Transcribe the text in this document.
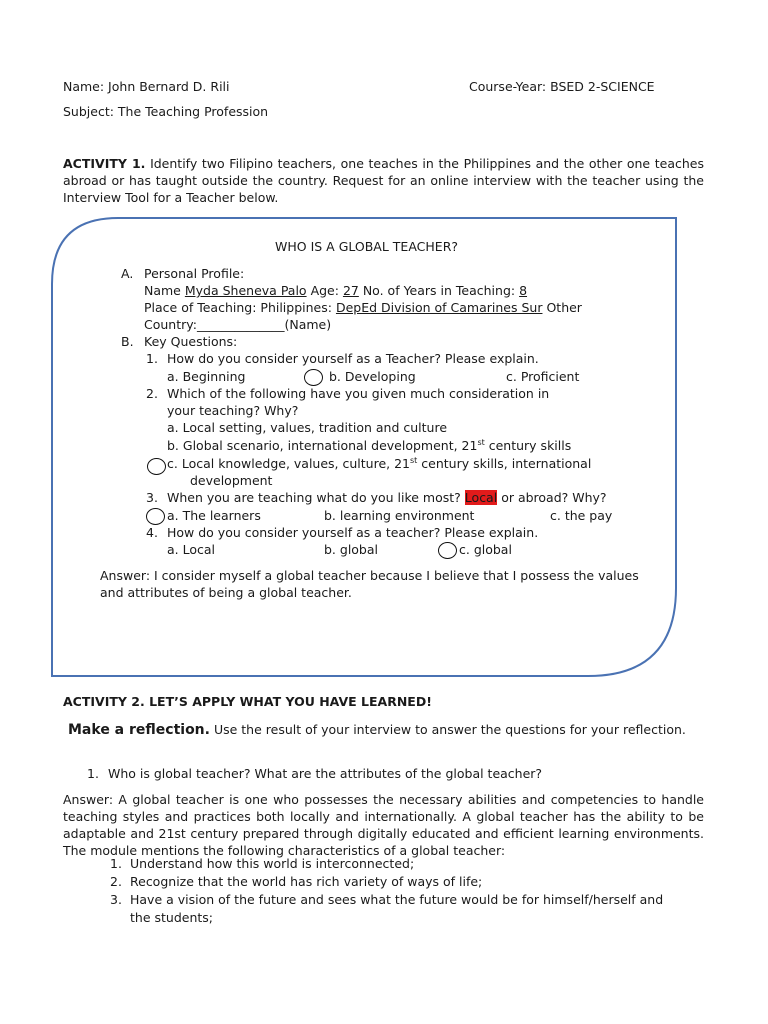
Name: John Bernard D. Rili	Course-Year: BSED 2-SCIENCE
Subject: The Teaching Profession
ACTIVITY 1. Identify two Filipino teachers, one teaches in the Philippines and the other one teaches abroad or has taught outside the country. Request for an online interview with the teacher using the Interview Tool for a Teacher below.
WHO IS A GLOBAL TEACHER?
A. Personal Profile:
Name Myda Sheneva Palo Age: 27 No. of Years in Teaching: 8
Place of Teaching: Philippines: DepEd Division of Camarines Sur Other
Country:______________(Name)
B. Key Questions:
1. How do you consider yourself as a Teacher? Please explain.
a. Beginning	b. Developing	c. Proficient
2. Which of the following have you given much consideration in
your teaching? Why?
a. Local setting, values, tradition and culture
b. Global scenario, international development, 21st century skills
c. Local knowledge, values, culture, 21st century skills, international
development
3. When you are teaching what do you like most? Local or abroad? Why?
a. The learners	b. learning environment	c. the pay
4. How do you consider yourself as a teacher? Please explain.
a. Local	b. global	c. global
Answer: I consider myself a global teacher because I believe that I possess the values and attributes of being a global teacher.
ACTIVITY 2. LET’S APPLY WHAT YOU HAVE LEARNED!
Make a reflection. Use the result of your interview to answer the questions for your reflection.
1. Who is global teacher? What are the attributes of the global teacher?
Answer: A global teacher is one who possesses the necessary abilities and competencies to handle teaching styles and practices both locally and internationally. A global teacher has the ability to be adaptable and 21st century prepared through digitally educated and efficient learning environments. The module mentions the following characteristics of a global teacher:
1. Understand how this world is interconnected;
2. Recognize that the world has rich variety of ways of life;
3. Have a vision of the future and sees what the future would be for himself/herself and
the students;
